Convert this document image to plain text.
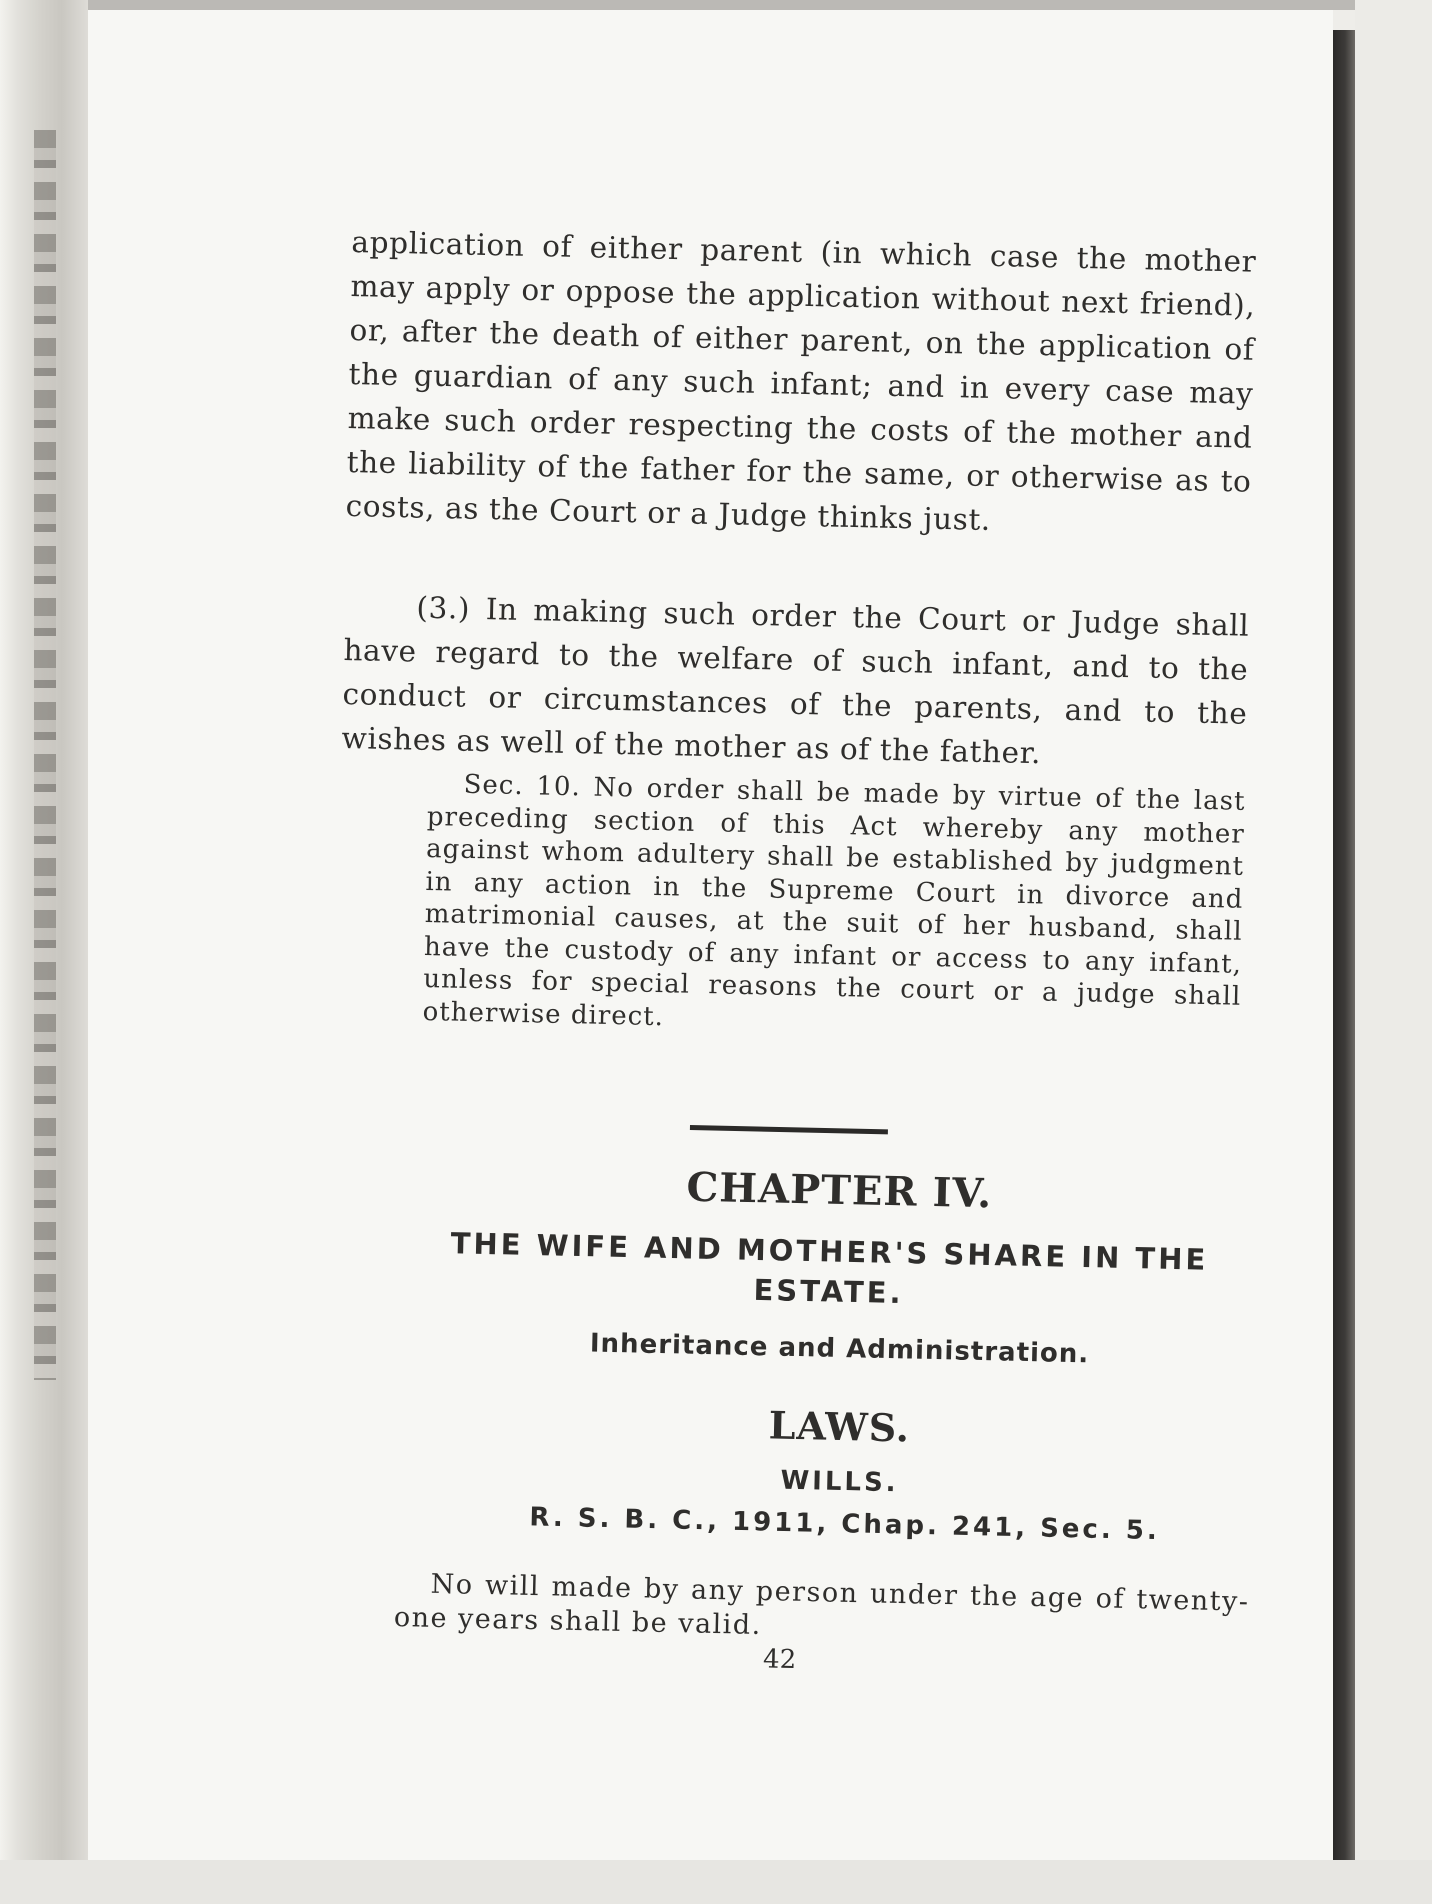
application of either parent (in which case the mother may apply or oppose the application without next friend), or, after the death of either parent, on the application of the guardian of any such infant; and in every case may make such order respecting the costs of the mother and the liability of the father for the same, or otherwise as to costs, as the Court or a Judge thinks just.
(3.) In making such order the Court or Judge shall have regard to the welfare of such infant, and to the conduct or circumstances of the parents, and to the wishes as well of the mother as of the father.
Sec. 10. No order shall be made by virtue of the last preceding section of this Act whereby any mother against whom adultery shall be established by judgment in any action in the Supreme Court in divorce and matrimonial causes, at the suit of her husband, shall have the custody of any infant or access to any infant, unless for special reasons the court or a judge shall otherwise direct.
CHAPTER IV.
THE WIFE AND MOTHER'S SHARE IN THE ESTATE.
Inheritance and Administration.
LAWS.
WILLS.
R. S. B. C., 1911, Chap. 241, Sec. 5.
No will made by any person under the age of twenty-one years shall be valid.
42
